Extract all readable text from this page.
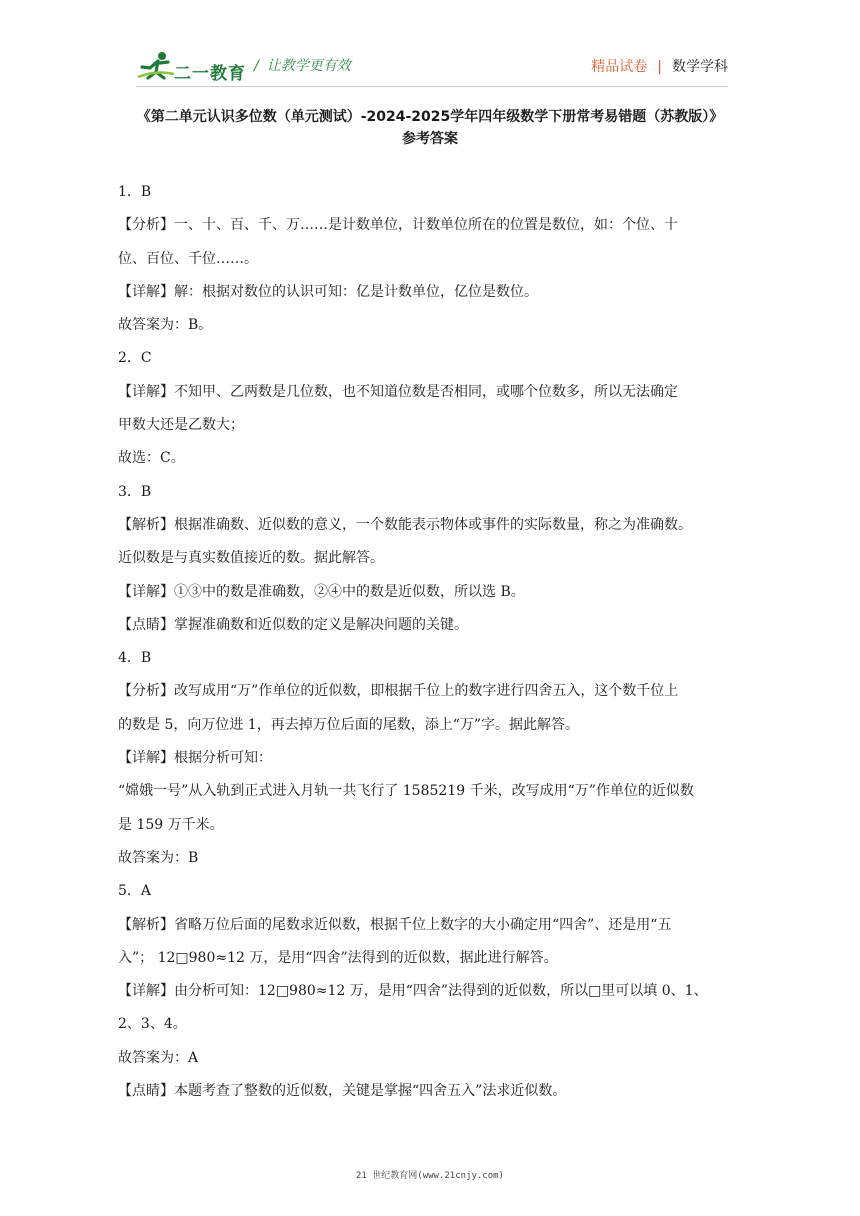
二一教育 / 让教学更有效	精品试卷 | 数学学科
《第二单元认识多位数（单元测试）-2024-2025学年四年级数学下册常考易错题（苏教版）》
参考答案
1．B
【分析】一、十、百、千、万……是计数单位，计数单位所在的位置是数位，如：个位、十
位、百位、千位……。
【详解】解：根据对数位的认识可知：亿是计数单位，亿位是数位。
故答案为：B。
2．C
【详解】不知甲、乙两数是几位数，也不知道位数是否相同，或哪个位数多，所以无法确定
甲数大还是乙数大；
故选：C。
3．B
【解析】根据准确数、近似数的意义，一个数能表示物体或事件的实际数量，称之为准确数。
近似数是与真实数值接近的数。据此解答。
【详解】①③中的数是准确数，②④中的数是近似数，所以选 B。
【点睛】掌握准确数和近似数的定义是解决问题的关键。
4．B
【分析】改写成用“万”作单位的近似数，即根据千位上的数字进行四舍五入，这个数千位上
的数是 5，向万位进 1，再去掉万位后面的尾数，添上“万”字。据此解答。
【详解】根据分析可知：
“嫦娥一号”从入轨到正式进入月轨一共飞行了 1585219 千米，改写成用“万”作单位的近似数
是 159 万千米。
故答案为：B
5．A
【解析】省略万位后面的尾数求近似数，根据千位上数字的大小确定用“四舍”、还是用“五
入”； 12□980≈12 万，是用“四舍”法得到的近似数，据此进行解答。
【详解】由分析可知：12□980≈12 万，是用“四舍”法得到的近似数，所以□里可以填 0、1、
2、3、4。
故答案为：A
【点睛】本题考查了整数的近似数，关键是掌握“四舍五入”法求近似数。
21 世纪教育网(www.21cnjy.com)
